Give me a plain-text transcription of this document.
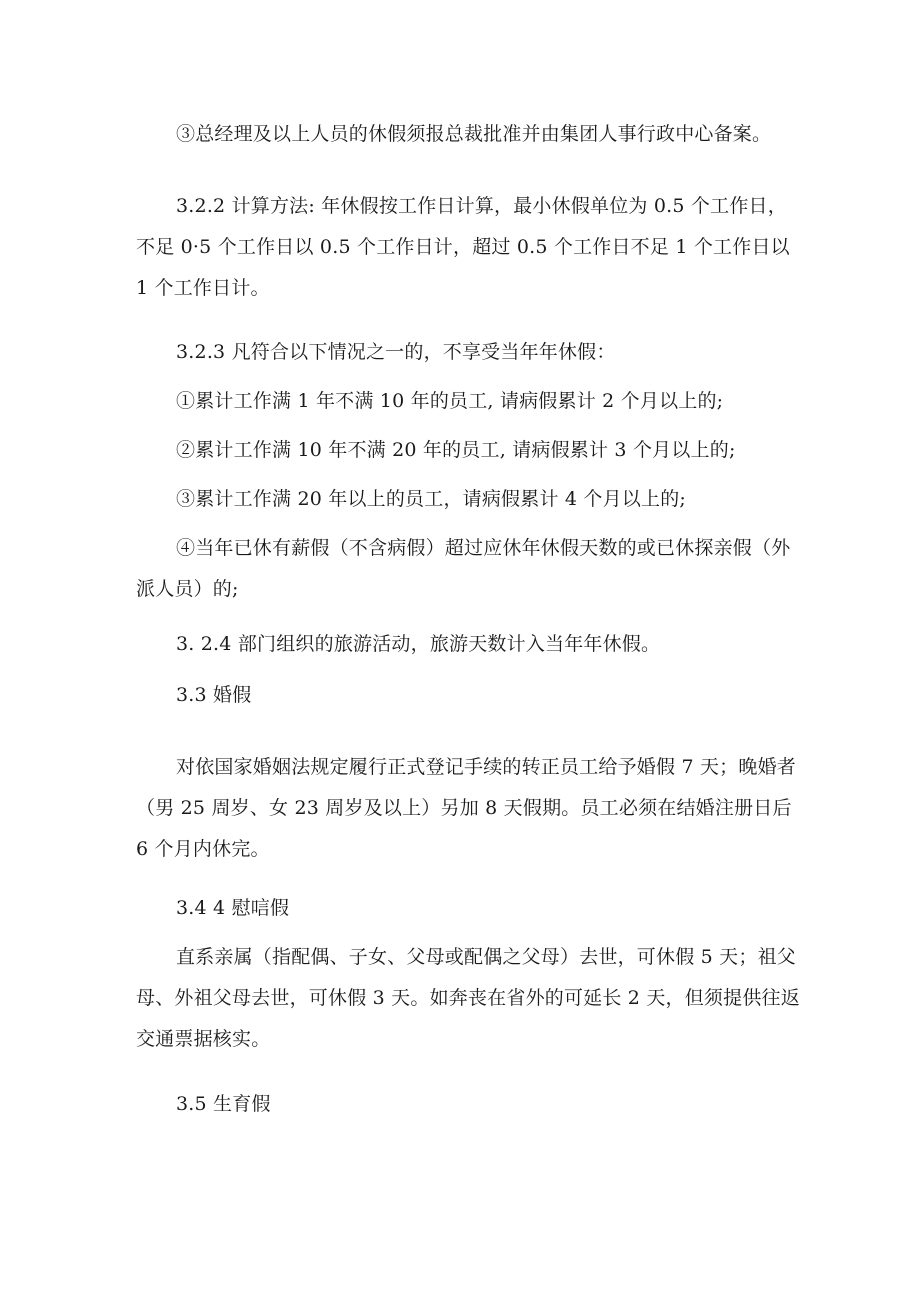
③总经理及以上人员的休假须报总裁批准并由集团人事行政中心备案。
3.2.2 计算方法: 年休假按工作日计算，最小休假单位为 0.5 个工作日，不足 0·5 个工作日以 0.5 个工作日计，超过 0.5 个工作日不足 1 个工作日以 1 个工作日计。
3.2.3 凡符合以下情况之一的，不享受当年年休假：
①累计工作满 1 年不满 10 年的员工, 请病假累计 2 个月以上的;
②累计工作满 10 年不满 20 年的员工, 请病假累计 3 个月以上的;
③累计工作满 20 年以上的员工，请病假累计 4 个月以上的;
④当年已休有薪假（不含病假）超过应休年休假天数的或已休探亲假（外派人员）的;
3. 2.4 部门组织的旅游活动，旅游天数计入当年年休假。
3.3 婚假
对依国家婚姻法规定履行正式登记手续的转正员工给予婚假 7 天；晚婚者（男 25 周岁、女 23 周岁及以上）另加 8 天假期。员工必须在结婚注册日后 6 个月内休完。
3.4 4 慰唁假
直系亲属（指配偶、子女、父母或配偶之父母）去世，可休假 5 天；祖父母、外祖父母去世，可休假 3 天。如奔丧在省外的可延长 2 天，但须提供往返交通票据核实。
3.5 生育假
